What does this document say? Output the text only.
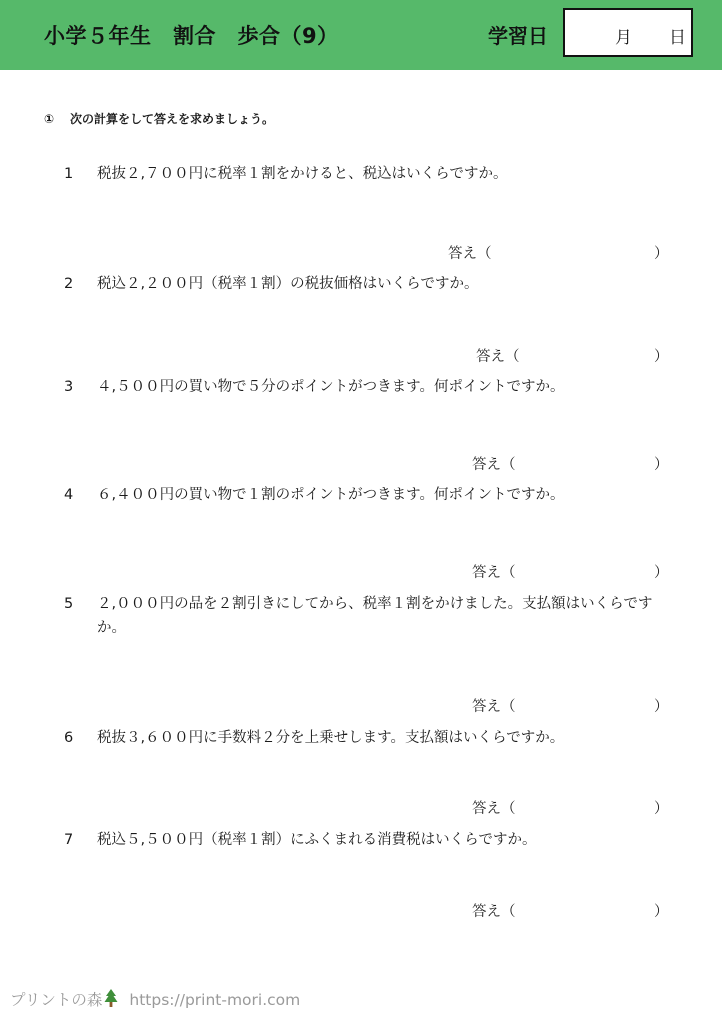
小学５年生　割合　歩合（9）	学習日	月 日
① 次の計算をして答えを求めましょう。
1 税抜２,７００円に税率１割をかけると、税込はいくらですか。
答え（	）
2 税込２,２００円（税率１割）の税抜価格はいくらですか。
答え（	）
3 ４,５００円の買い物で５分のポイントがつきます。何ポイントですか。
答え（	）
4 ６,４００円の買い物で１割のポイントがつきます。何ポイントですか。
答え（	）
5 ２,０００円の品を２割引きにしてから、税率１割をかけました。支払額はいくらですか。
答え（	）
6 税抜３,６００円に手数料２分を上乗せします。支払額はいくらですか。
答え（	）
7 税込５,５００円（税率１割）にふくまれる消費税はいくらですか。
答え（	）
プリントの森 https://print-mori.com
